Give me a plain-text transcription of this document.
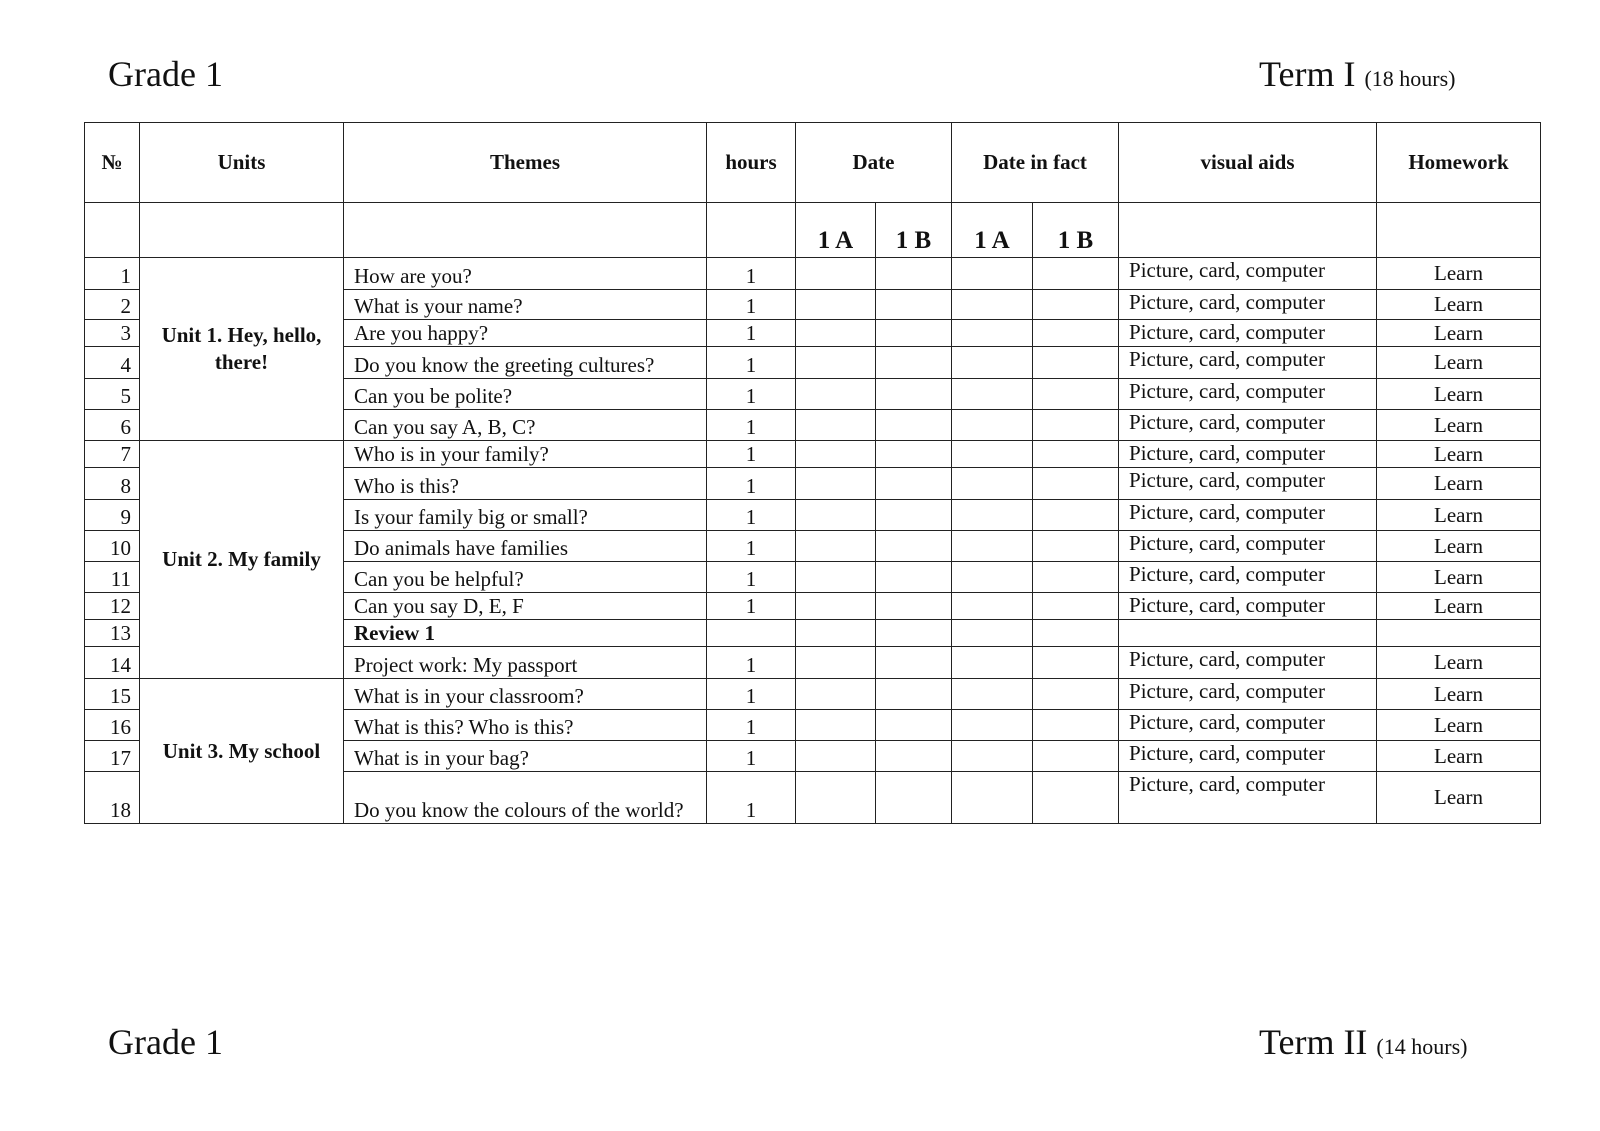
Grade 1	Term I (18 hours)
№	Units	Themes	hours	Date		Date in fact		visual aids	Homework
				1 A	1 B	1 A	1 B		
1	Unit 1. Hey, hello, there!	How are you?	1					Picture, card, computer	Learn
2		What is your name?	1					Picture, card, computer	Learn
3		Are you happy?	1					Picture, card, computer	Learn
4		Do you know the greeting cultures?	1					Picture, card, computer	Learn
5		Can you be polite?	1					Picture, card, computer	Learn
6		Can you say A, B, C?	1					Picture, card, computer	Learn
7	Unit 2. My family	Who is in your family?	1					Picture, card, computer	Learn
8		Who is this?	1					Picture, card, computer	Learn
9		Is your family big or small?	1					Picture, card, computer	Learn
10		Do animals have families	1					Picture, card, computer	Learn
11		Can you be helpful?	1					Picture, card, computer	Learn
12		Can you say D, E, F	1					Picture, card, computer	Learn
13		Review 1							
14		Project work: My passport	1					Picture, card, computer	Learn
15	Unit 3. My school	What is in your classroom?	1					Picture, card, computer	Learn
16		What is this? Who is this?	1					Picture, card, computer	Learn
17		What is in your bag?	1					Picture, card, computer	Learn
18		Do you know the colours of the world?	1					Picture, card, computer	Learn
Grade 1	Term II (14 hours)
